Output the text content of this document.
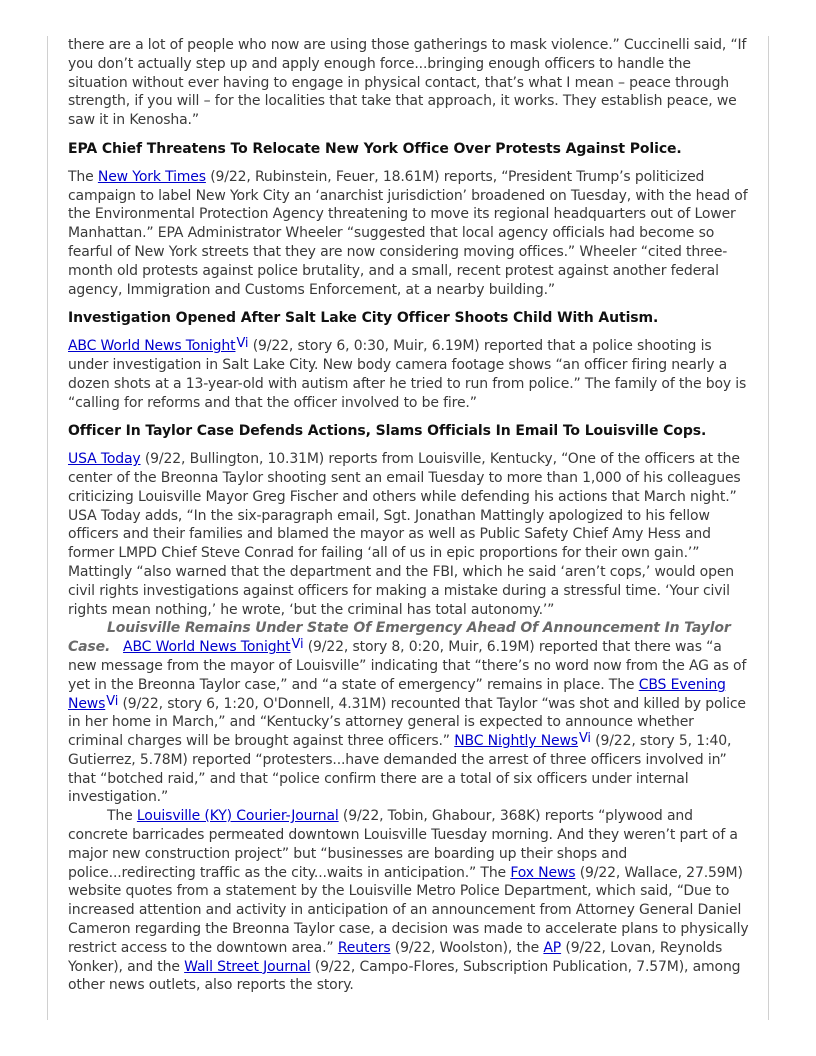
there are a lot of people who now are using those gatherings to mask violence.” Cuccinelli said, “If you don’t actually step up and apply enough force...bringing enough officers to handle the situation without ever having to engage in physical contact, that’s what I mean – peace through strength, if you will – for the localities that take that approach, it works. They establish peace, we saw it in Kenosha.”

EPA Chief Threatens To Relocate New York Office Over Protests Against Police.

The New York Times (9/22, Rubinstein, Feuer, 18.61M) reports, “President Trump’s politicized campaign to label New York City an ‘anarchist jurisdiction’ broadened on Tuesday, with the head of the Environmental Protection Agency threatening to move its regional headquarters out of Lower Manhattan.” EPA Administrator Wheeler “suggested that local agency officials had become so fearful of New York streets that they are now considering moving offices.” Wheeler “cited three-month old protests against police brutality, and a small, recent protest against another federal agency, Immigration and Customs Enforcement, at a nearby building.”

Investigation Opened After Salt Lake City Officer Shoots Child With Autism.

ABC World News Tonight$^{Vi}$ (9/22, story 6, 0:30, Muir, 6.19M) reported that a police shooting is under investigation in Salt Lake City. New body camera footage shows “an officer firing nearly a dozen shots at a 13-year-old with autism after he tried to run from police.” The family of the boy is “calling for reforms and that the officer involved to be fire.”

Officer In Taylor Case Defends Actions, Slams Officials In Email To Louisville Cops.

USA Today (9/22, Bullington, 10.31M) reports from Louisville, Kentucky, “One of the officers at the center of the Breonna Taylor shooting sent an email Tuesday to more than 1,000 of his colleagues criticizing Louisville Mayor Greg Fischer and others while defending his actions that March night.” USA Today adds, “In the six-paragraph email, Sgt. Jonathan Mattingly apologized to his fellow officers and their families and blamed the mayor as well as Public Safety Chief Amy Hess and former LMPD Chief Steve Conrad for failing ‘all of us in epic proportions for their own gain.’” Mattingly “also warned that the department and the FBI, which he said ‘aren’t cops,’ would open civil rights investigations against officers for making a mistake during a stressful time. ‘Your civil rights mean nothing,’ he wrote, ‘but the criminal has total autonomy.’”

Louisville Remains Under State Of Emergency Ahead Of Announcement In Taylor Case. ABC World News Tonight$^{Vi}$ (9/22, story 8, 0:20, Muir, 6.19M) reported that there was “a new message from the mayor of Louisville” indicating that “there’s no word now from the AG as of yet in the Breonna Taylor case,” and “a state of emergency” remains in place. The CBS Evening News$^{Vi}$ (9/22, story 6, 1:20, O'Donnell, 4.31M) recounted that Taylor “was shot and killed by police in her home in March,” and “Kentucky’s attorney general is expected to announce whether criminal charges will be brought against three officers.” NBC Nightly News$^{Vi}$ (9/22, story 5, 1:40, Gutierrez, 5.78M) reported “protesters...have demanded the arrest of three officers involved in” that “botched raid,” and that “police confirm there are a total of six officers under internal investigation.”

The Louisville (KY) Courier-Journal (9/22, Tobin, Ghabour, 368K) reports “plywood and concrete barricades permeated downtown Louisville Tuesday morning. And they weren’t part of a major new construction project” but “businesses are boarding up their shops and police...redirecting traffic as the city...waits in anticipation.” The Fox News (9/22, Wallace, 27.59M) website quotes from a statement by the Louisville Metro Police Department, which said, “Due to increased attention and activity in anticipation of an announcement from Attorney General Daniel Cameron regarding the Breonna Taylor case, a decision was made to accelerate plans to physically restrict access to the downtown area.” Reuters (9/22, Woolston), the AP (9/22, Lovan, Reynolds Yonker), and the Wall Street Journal (9/22, Campo-Flores, Subscription Publication, 7.57M), among other news outlets, also reports the story.
